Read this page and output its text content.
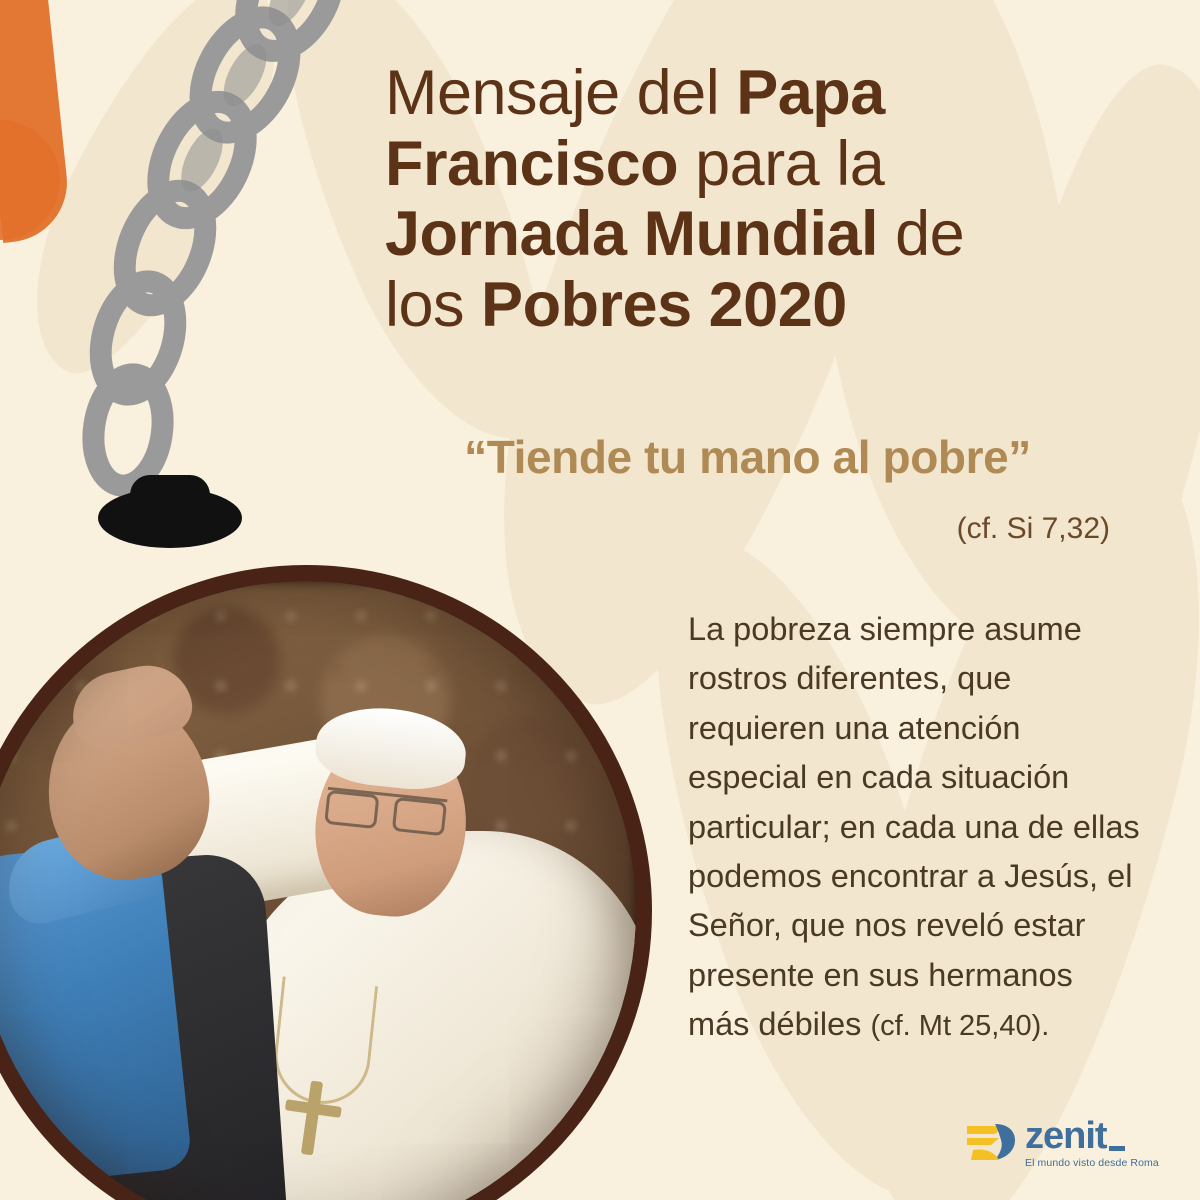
Mensaje del Papa
Francisco para la
Jornada Mundial de
los Pobres 2020
“Tiende tu mano al pobre”
(cf. Si 7,32)
La pobreza siempre asume rostros diferentes, que requieren una atención especial en cada situación particular; en cada una de ellas podemos encontrar a Jesús, el Señor, que nos reveló estar presente en sus hermanos más débiles (cf. Mt 25,40).
zenit
El mundo visto desde Roma
